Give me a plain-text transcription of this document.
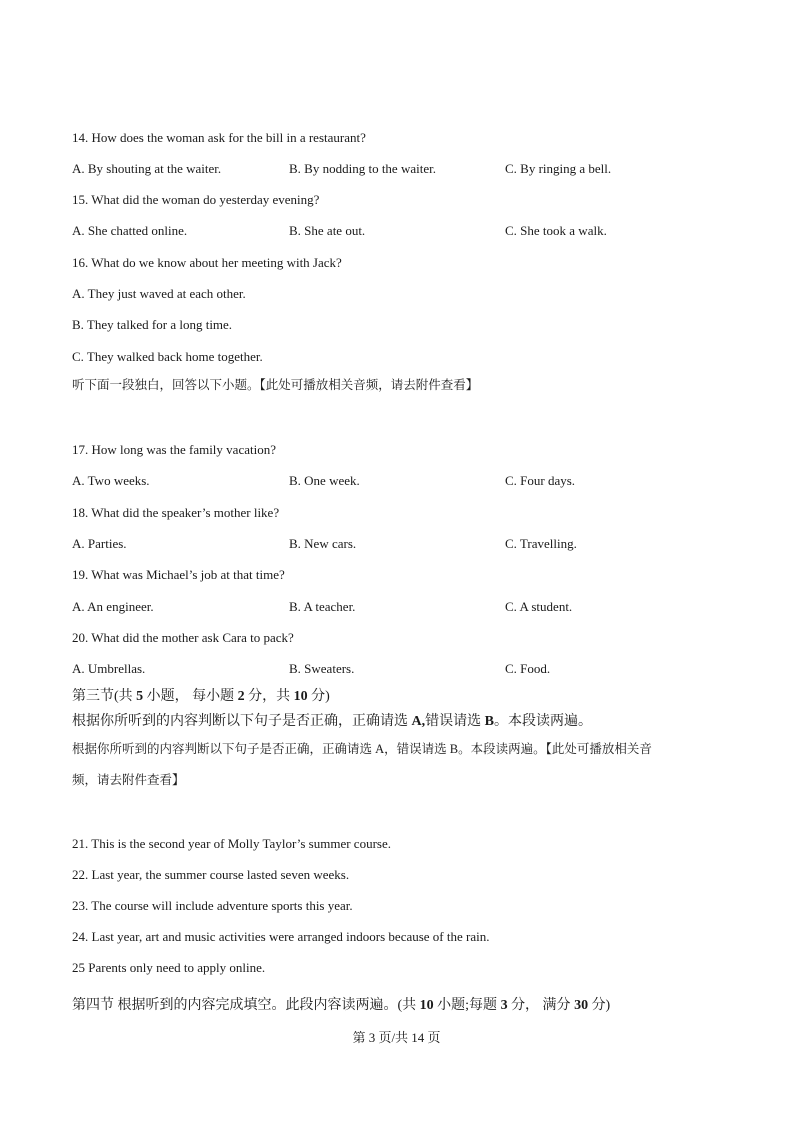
14. How does the woman ask for the bill in a restaurant?
A. By shouting at the waiter.	B. By nodding to the waiter.	C. By ringing a bell.
15. What did the woman do yesterday evening?
A. She chatted online.	B. She ate out.	C. She took a walk.
16. What do we know about her meeting with Jack?
A. They just waved at each other.
B. They talked for a long time.
C. They walked back home together.
听下面一段独白，回答以下小题。【此处可播放相关音频，请去附件查看】
17. How long was the family vacation?
A. Two weeks.	B. One week.	C. Four days.
18. What did the speaker’s mother like?
A. Parties.	B. New cars.	C. Travelling.
19. What was Michael’s job at that time?
A. An engineer.	B. A teacher.	C. A student.
20. What did the mother ask Cara to pack?
A. Umbrellas.	B. Sweaters.	C. Food.
第三节(共 5 小题， 每小题 2 分，共 10 分)
根据你所听到的内容判断以下句子是否正确，正确请选 A,错误请选 B。本段读两遍。
根据你所听到的内容判断以下句子是否正确，正确请选 A，错误请选 B。本段读两遍。【此处可播放相关音
频，请去附件查看】
21. This is the second year of Molly Taylor’s summer course.
22. Last year, the summer course lasted seven weeks.
23. The course will include adventure sports this year.
24. Last year, art and music activities were arranged indoors because of the rain.
25 Parents only need to apply online.
第四节 根据听到的内容完成填空。此段内容读两遍。(共 10 小题;每题 3 分， 满分 30 分)
第 3 页/共 14 页
